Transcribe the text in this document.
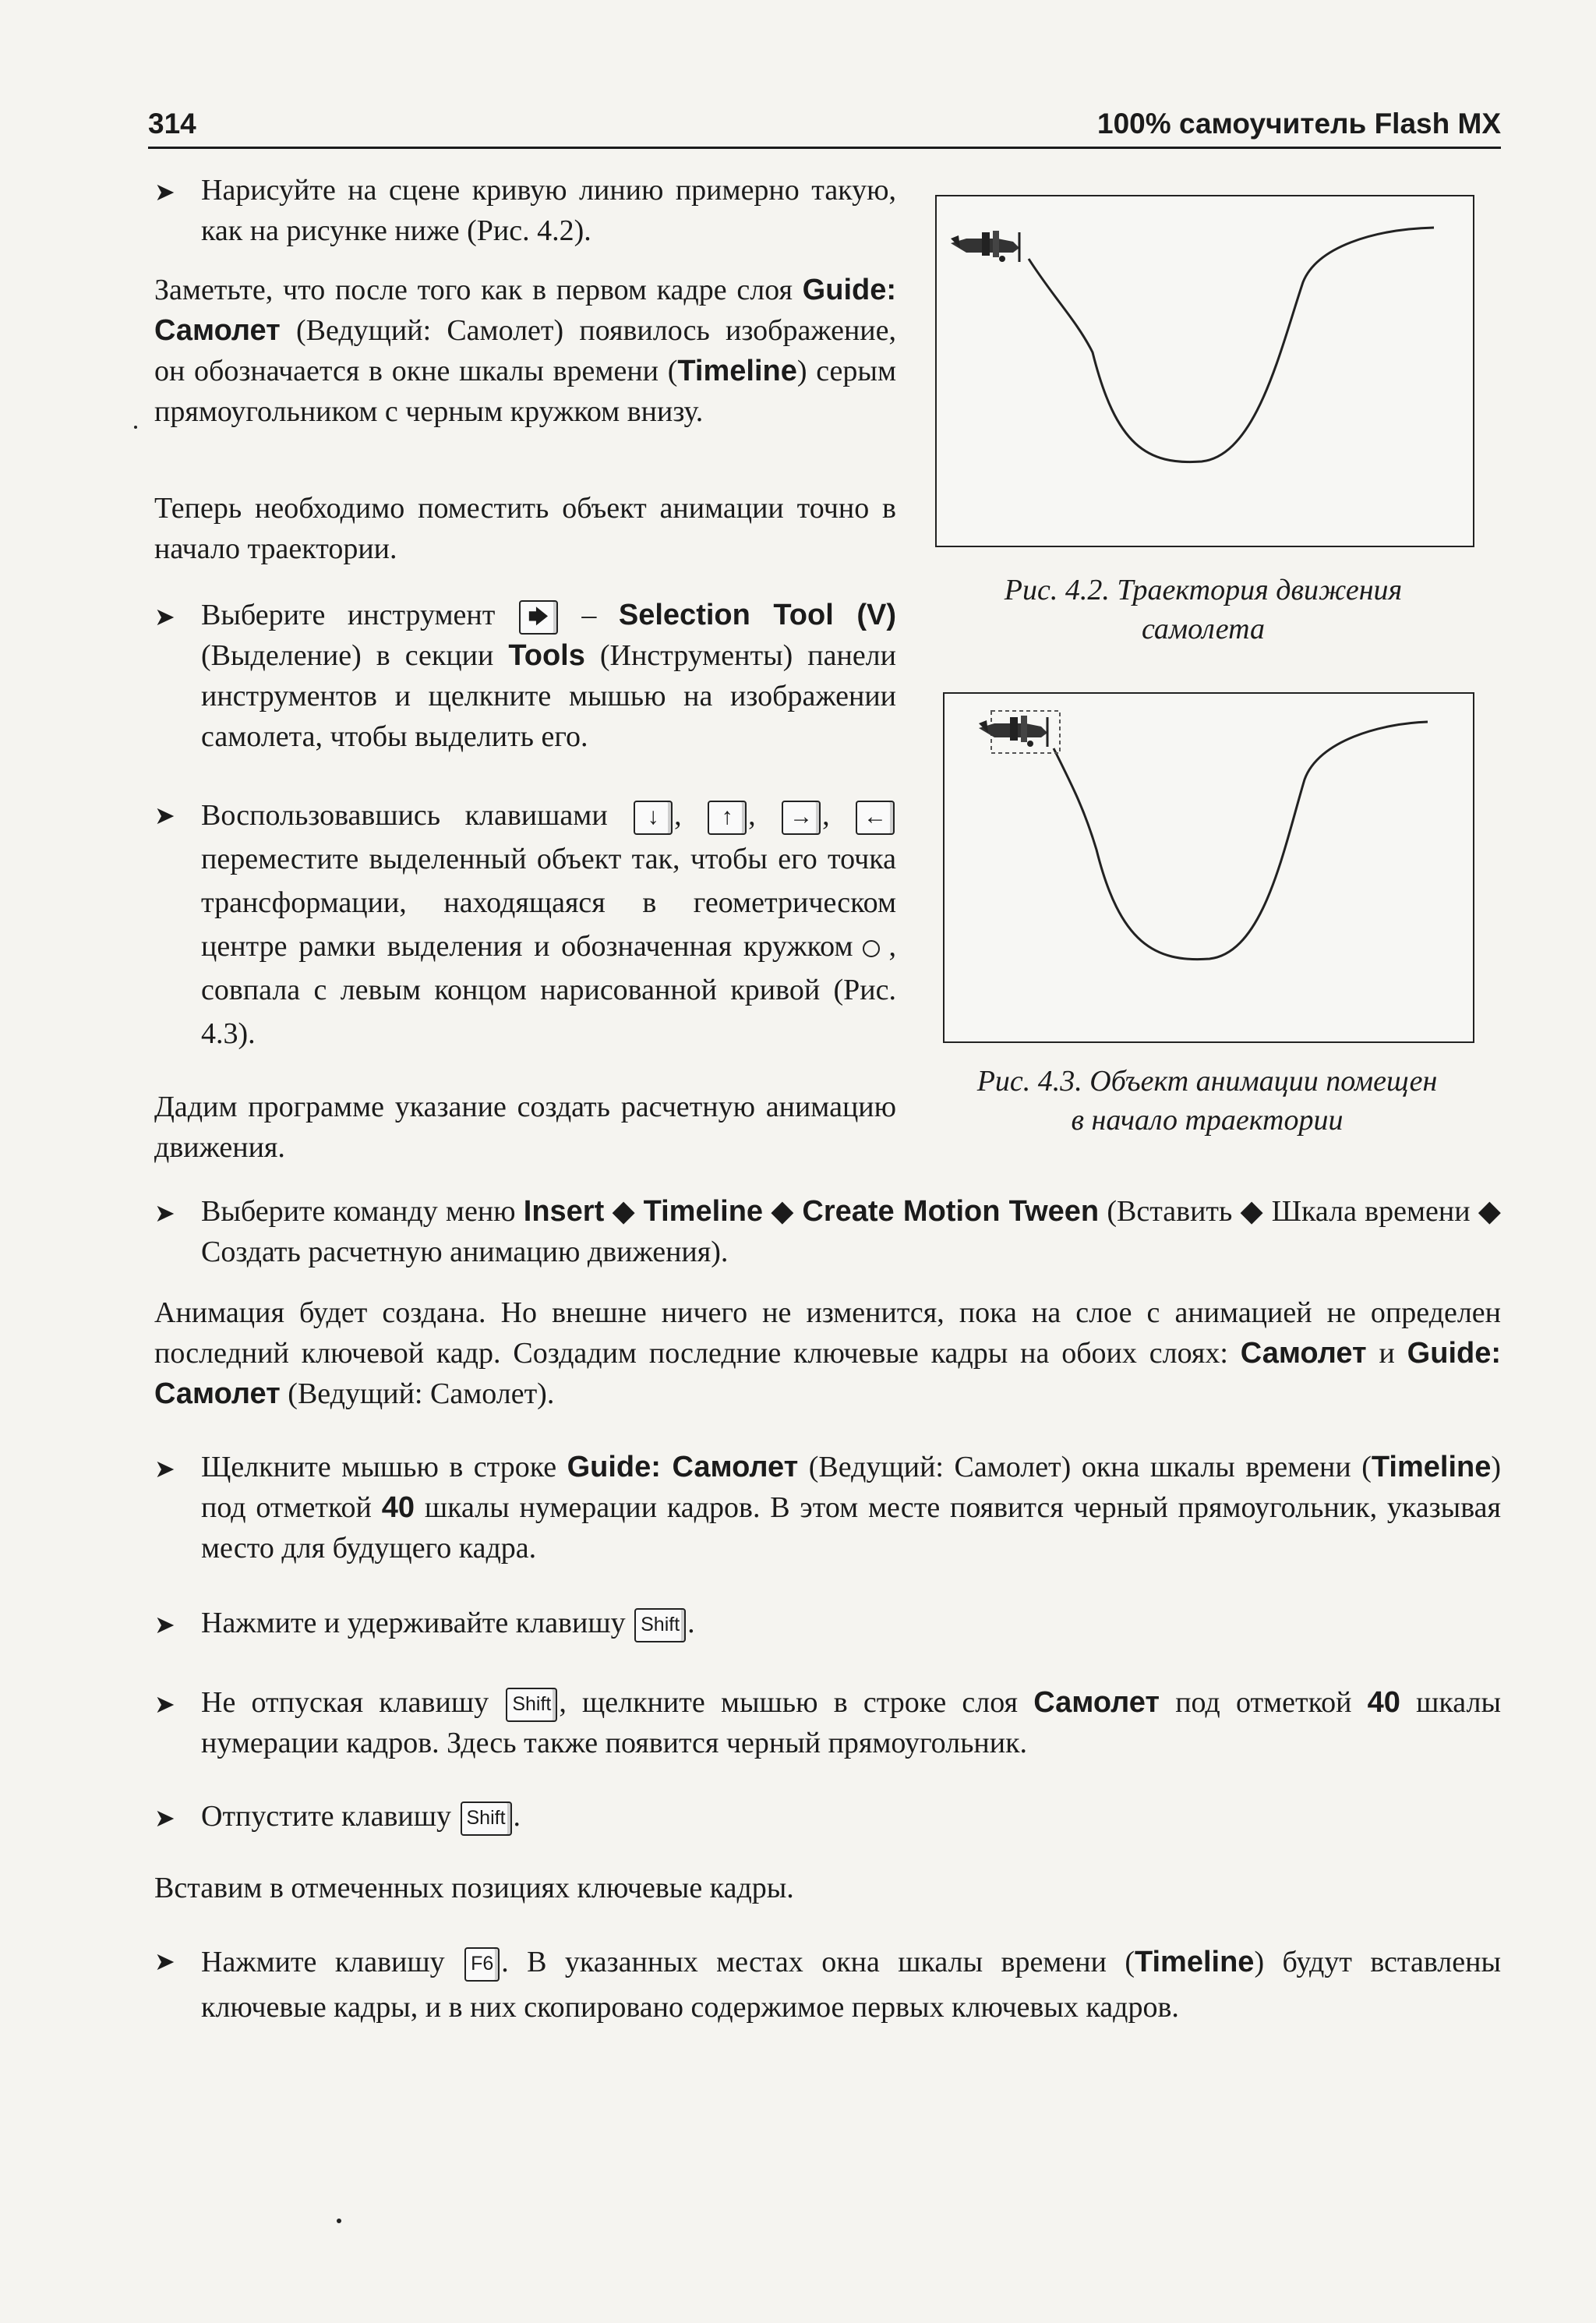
314	100% самоучитель Flash MX
➤ Нарисуйте на сцене кривую линию примерно такую, как на рисунке ниже (Рис. 4.2).
Заметьте, что после того как в первом кадре слоя Guide: Самолет (Ведущий: Самолет) появилось изображение, он обозначается в окне шкалы времени (Timeline) серым прямоугольником с черным кружком внизу.
Теперь необходимо поместить объект анимации точно в начало траектории.
➤ Выберите инструмент 🡆 – Selection Tool (V) (Выделение) в секции Tools (Инструменты) панели инструментов и щелкните мышью на изображении самолета, чтобы выделить его.
➤ Воспользовавшись клавишами ↓ , ↑ , → , ← переместите выделенный объект так, чтобы его точка трансформации, находящаяся в геометрическом центре рамки выделения и обозначенная кружком , совпала с левым концом нарисованной кривой (Рис. 4.3).
Дадим программе указание создать расчетную анимацию движения.
Рис. 4.2. Траектория движения
самолета
Рис. 4.3. Объект анимации помещен
в начало траектории
➤ Выберите команду меню Insert ◆ Timeline ◆ Create Motion Tween (Вставить ◆ Шкала времени ◆ Создать расчетную анимацию движения).
Анимация будет создана. Но внешне ничего не изменится, пока на слое с анимацией не определен последний ключевой кадр. Создадим последние ключевые кадры на обоих слоях: Самолет и Guide: Самолет (Ведущий: Самолет).
➤ Щелкните мышью в строке Guide: Самолет (Ведущий: Самолет) окна шкалы времени (Timeline) под отметкой 40 шкалы нумерации кадров. В этом месте появится черный прямоугольник, указывая место для будущего кадра.
➤ Нажмите и удерживайте клавишу Shift .
➤ Не отпуская клавишу Shift , щелкните мышью в строке слоя Самолет под отметкой 40 шкалы нумерации кадров. Здесь также появится черный прямоугольник.
➤ Отпустите клавишу Shift .
Вставим в отмеченных позициях ключевые кадры.
➤ Нажмите клавишу F6 . В указанных местах окна шкалы времени (Timeline) будут вставлены ключевые кадры, и в них скопировано содержимое первых ключевых кадров.
